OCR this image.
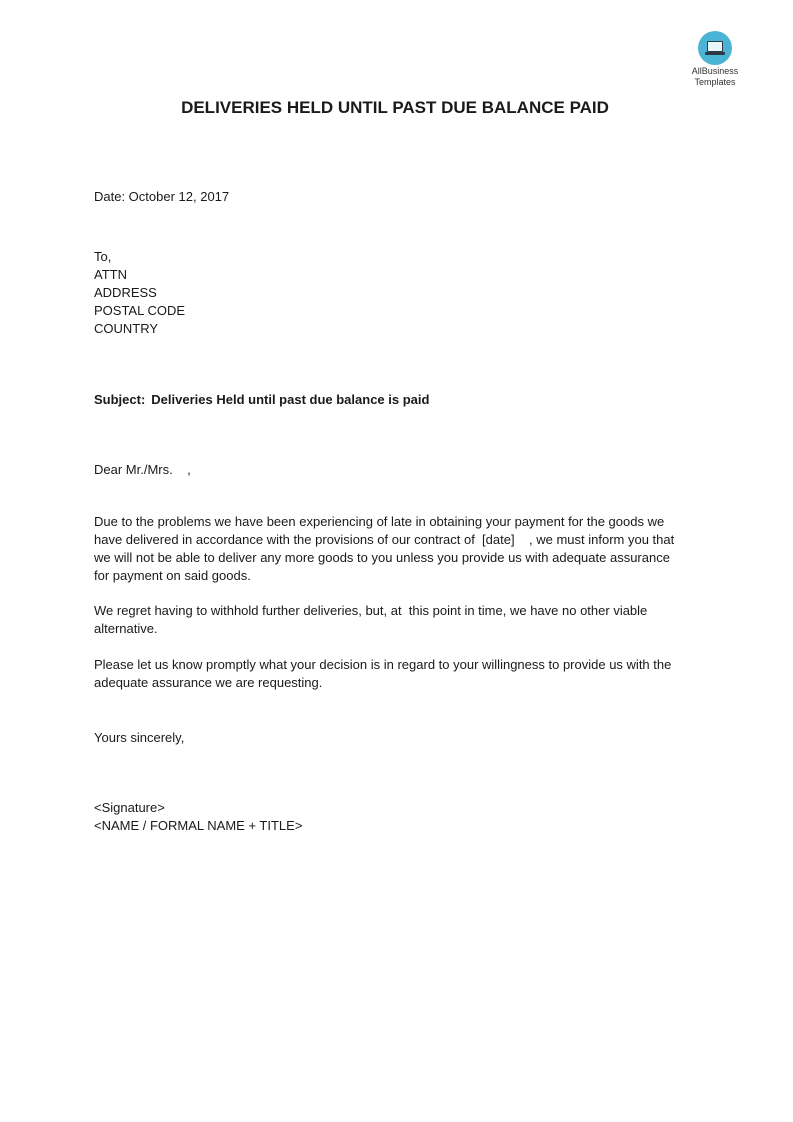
AllBusiness
Templates
DELIVERIES HELD UNTIL PAST DUE BALANCE PAID
Date: October 12, 2017
To,
ATTN
ADDRESS
POSTAL CODE
COUNTRY
Subject: Deliveries Held until past due balance is paid
Dear Mr./Mrs.    ,
Due to the problems we have been experiencing of late in obtaining your payment for the goods we
have delivered in accordance with the provisions of our contract of  [date]    , we must inform you that
we will not be able to deliver any more goods to you unless you provide us with adequate assurance
for payment on said goods.
We regret having to withhold further deliveries, but, at  this point in time, we have no other viable
alternative.
Please let us know promptly what your decision is in regard to your willingness to provide us with the
adequate assurance we are requesting.
Yours sincerely,
<Signature>
<NAME / FORMAL NAME + TITLE>
